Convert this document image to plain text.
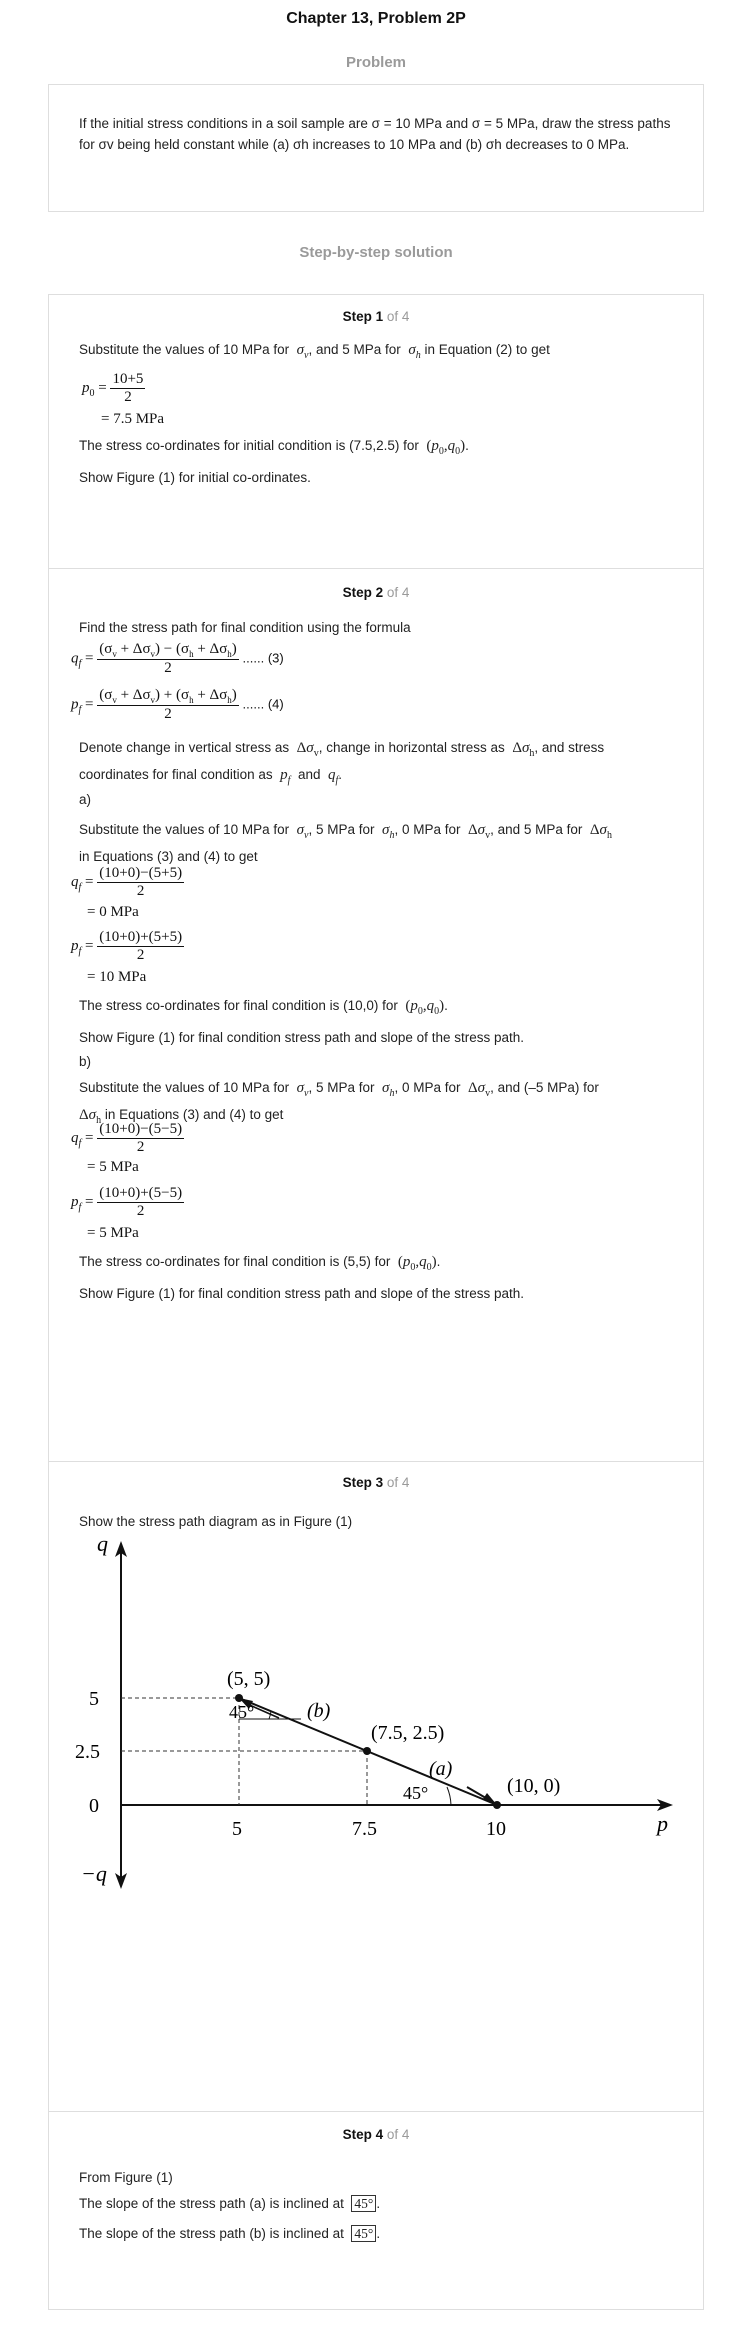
Chapter 13, Problem 2P
Problem
If the initial stress conditions in a soil sample are σ = 10 MPa and σ = 5 MPa, draw the stress paths for σv being held constant while (a) σh increases to 10 MPa and (b) σh decreases to 0 MPa.
Step-by-step solution
Step 1 of 4
Substitute the values of 10 MPa for $\sigma_v$, and 5 MPa for $\sigma_h$ in Equation (2) to get
$p_0 = \frac{10+5}{2}$
= 7.5 MPa
The stress co-ordinates for initial condition is (7.5,2.5) for $(p_0,q_0)$.
Show Figure (1) for initial co-ordinates.
Step 2 of 4
Find the stress path for final condition using the formula
$q_f = \frac{(\sigma_v + \Delta\sigma_v) - (\sigma_h + \Delta\sigma_h)}{2}$ ...... (3)
$p_f = \frac{(\sigma_v + \Delta\sigma_v) + (\sigma_h + \Delta\sigma_h)}{2}$ ...... (4)
Denote change in vertical stress as $\Delta\sigma_v$, change in horizontal stress as $\Delta\sigma_h$, and stress
coordinates for final condition as $p_f$ and $q_f$.
a)
Substitute the values of 10 MPa for $\sigma_v$, 5 MPa for $\sigma_h$, 0 MPa for $\Delta\sigma_v$, and 5 MPa for $\Delta\sigma_h$
in Equations (3) and (4) to get
$q_f = \frac{(10+0)-(5+5)}{2}$
= 0 MPa
$p_f = \frac{(10+0)+(5+5)}{2}$
= 10 MPa
The stress co-ordinates for final condition is (10,0) for $(p_0,q_0)$.
Show Figure (1) for final condition stress path and slope of the stress path.
b)
Substitute the values of 10 MPa for $\sigma_v$, 5 MPa for $\sigma_h$, 0 MPa for $\Delta\sigma_v$, and (–5 MPa) for
$\Delta\sigma_h$ in Equations (3) and (4) to get
$q_f = \frac{(10+0)-(5-5)}{2}$
= 5 MPa
$p_f = \frac{(10+0)+(5-5)}{2}$
= 5 MPa
The stress co-ordinates for final condition is (5,5) for $(p_0,q_0)$.
Show Figure (1) for final condition stress path and slope of the stress path.
Step 3 of 4
Show the stress path diagram as in Figure (1)
q
−q
p
5
2.5
0
5	7.5	10
(5, 5)
(7.5, 2.5)
(10, 0)
(a)
(b)
45°
45°
Step 4 of 4
From Figure (1)
The slope of the stress path (a) is inclined at 45° .
The slope of the stress path (b) is inclined at 45° .
